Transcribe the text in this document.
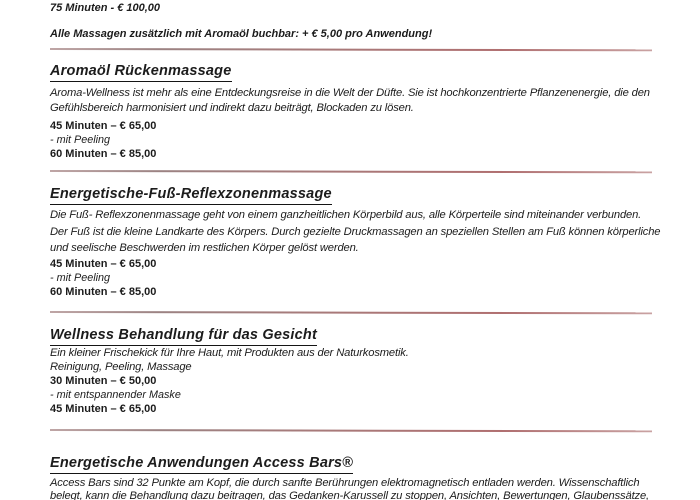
75 Minuten - € 100,00
Alle Massagen zusätzlich mit Aromaöl buchbar: + € 5,00 pro Anwendung!
Aromaöl Rückenmassage
Aroma-Wellness ist mehr als eine Entdeckungsreise in die Welt der Düfte. Sie ist hochkonzentrierte Pflanzenenergie, die den
Gefühlsbereich harmonisiert und indirekt dazu beiträgt, Blockaden zu lösen.
45 Minuten – € 65,00
- mit Peeling
60 Minuten – € 85,00
Energetische-Fuß-Reflexzonenmassage
Die Fuß- Reflexzonenmassage geht von einem ganzheitlichen Körperbild aus, alle Körperteile sind miteinander verbunden.
Der Fuß ist die kleine Landkarte des Körpers. Durch gezielte Druckmassagen an speziellen Stellen am Fuß können körperliche
und seelische Beschwerden im restlichen Körper gelöst werden.
45 Minuten – € 65,00
- mit Peeling
60 Minuten – € 85,00
Wellness Behandlung für das Gesicht
Ein kleiner Frischekick für Ihre Haut, mit Produkten aus der Naturkosmetik.
Reinigung, Peeling, Massage
30 Minuten – € 50,00
- mit entspannender Maske
45 Minuten – € 65,00
Energetische Anwendungen Access Bars®
Access Bars sind 32 Punkte am Kopf, die durch sanfte Berührungen elektromagnetisch entladen werden. Wissenschaftlich
belegt, kann die Behandlung dazu beitragen, das Gedanken-Karussell zu stoppen, Ansichten, Bewertungen, Glaubenssätze,
